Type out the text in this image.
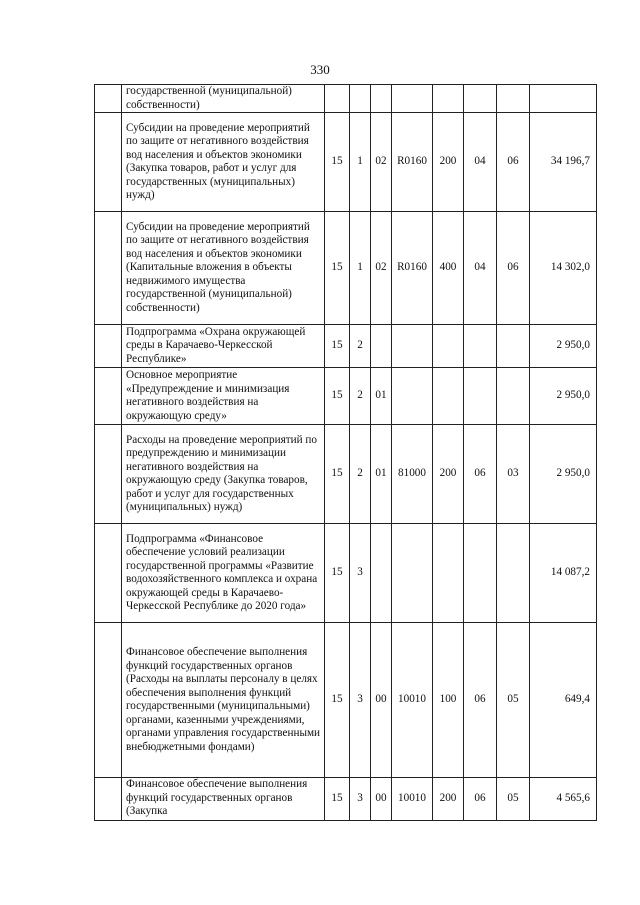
330
	государственной (муниципальной) собственности)								
	Субсидии на проведение мероприятий по защите от негативного воздействия вод населения и объектов экономики (Закупка товаров, работ и услуг для государственных (муниципальных) нужд)	15	1	02	R0160	200	04	06	34 196,7
	Субсидии на проведение мероприятий по защите от негативного воздействия вод населения и объектов экономики (Капитальные вложения в объекты недвижимого имущества государственной (муниципальной) собственности)	15	1	02	R0160	400	04	06	14 302,0
	Подпрограмма «Охрана окружающей среды в Карачаево-Черкесской Республике»	15	2						2 950,0
	Основное мероприятие «Предупреждение и минимизация негативного воздействия на окружающую среду»	15	2	01					2 950,0
	Расходы на проведение мероприятий по предупреждению и минимизации негативного воздействия на окружающую среду (Закупка товаров, работ и услуг для государственных (муниципальных) нужд)	15	2	01	81000	200	06	03	2 950,0
	Подпрограмма «Финансовое обеспечение условий реализации государственной программы «Развитие водохозяйственного комплекса и охрана окружающей среды в Карачаево-Черкесской Республике до 2020 года»	15	3						14 087,2
	Финансовое обеспечение выполнения функций государственных органов (Расходы на выплаты персоналу в целях обеспечения выполнения функций государственными (муниципальными) органами, казенными учреждениями, органами управления государственными внебюджетными фондами)	15	3	00	10010	100	06	05	649,4
	Финансовое обеспечение выполнения функций государственных органов (Закупка	15	3	00	10010	200	06	05	4 565,6
